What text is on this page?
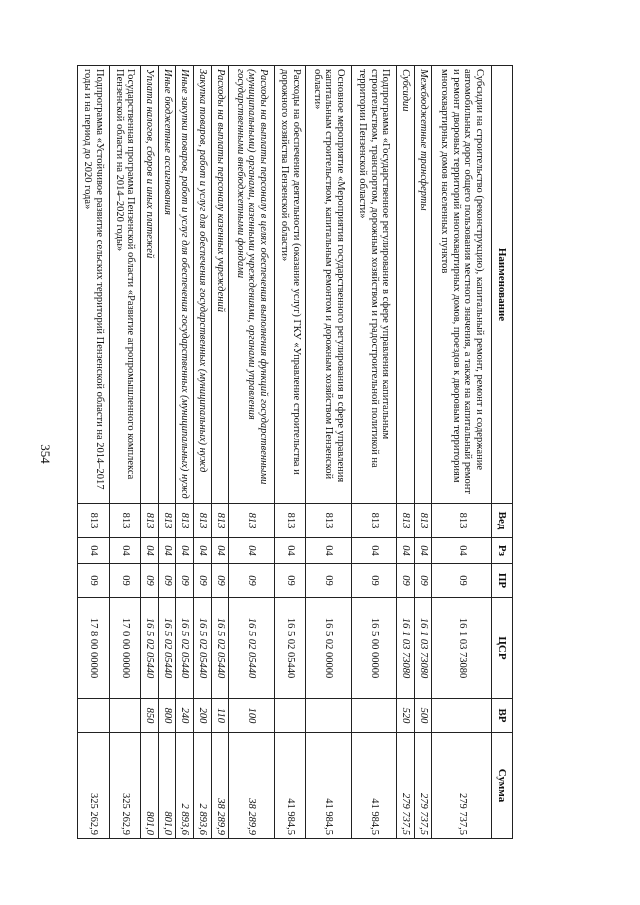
354
Наименование	Вед	Рз	ПР	ЦСР	ВР	Сумма
Субсидии на строительство (реконструкцию), капитальный ремонт, ремонт и содержание автомобильных дорог общего пользования местного значения, а также на капитальный ремонт и ремонт дворовых территорий многоквартирных домов, проездов к дворовым территориям многоквартирных домов населенных пунктов	813	04	09	16 1 03 73080		279 737,5
Межбюджетные трансферты	813	04	09	16 1 03 73080	500	279 737,5
Субсидии	813	04	09	16 1 03 73080	520	279 737,5
Подпрограмма «Государственное регулирование в сфере управления капитальным строительством, транспортом, дорожным хозяйством и градостроительной политикой на территории Пензенской области»	813	04	09	16 5 00 00000		41 984,5
Основное мероприятие «Мероприятия государственного регулирования в сфере управления капитальным строительством, капитальным ремонтом и дорожным хозяйством Пензенской области»	813	04	09	16 5 02 00000		41 984,5
Расходы на обеспечение деятельности (оказание услуг) ГКУ «Управление строительства и дорожного хозяйства Пензенской области»	813	04	09	16 5 02 05440		41 984,5
Расходы на выплаты персоналу в целях обеспечения выполнения функций государственными (муниципальными) органами, казенными учреждениями, органами управления государственными внебюджетными фондами	813	04	09	16 5 02 05440	100	38 289,9
Расходы на выплаты персоналу казенных учреждений	813	04	09	16 5 02 05440	110	38 289,9
Закупка товаров, работ и услуг для обеспечения государственных (муниципальных) нужд	813	04	09	16 5 02 05440	200	2 893,6
Иные закупки товаров, работ и услуг для обеспечения государственных (муниципальных) нужд	813	04	09	16 5 02 05440	240	2 893,6
Иные бюджетные ассигнования	813	04	09	16 5 02 05440	800	801,0
Уплата налогов, сборов и иных платежей	813	04	09	16 5 02 05440	850	801,0
Государственная программа Пензенской области «Развитие агропромышленного комплекса Пензенской области на 2014–2020 годы»	813	04	09	17 0 00 00000		325 262,9
Подпрограмма «Устойчивое развитие сельских территорий Пензенской области на 2014–2017 годы и на период до 2020 года»	813	04	09	17 8 00 00000		325 262,9
